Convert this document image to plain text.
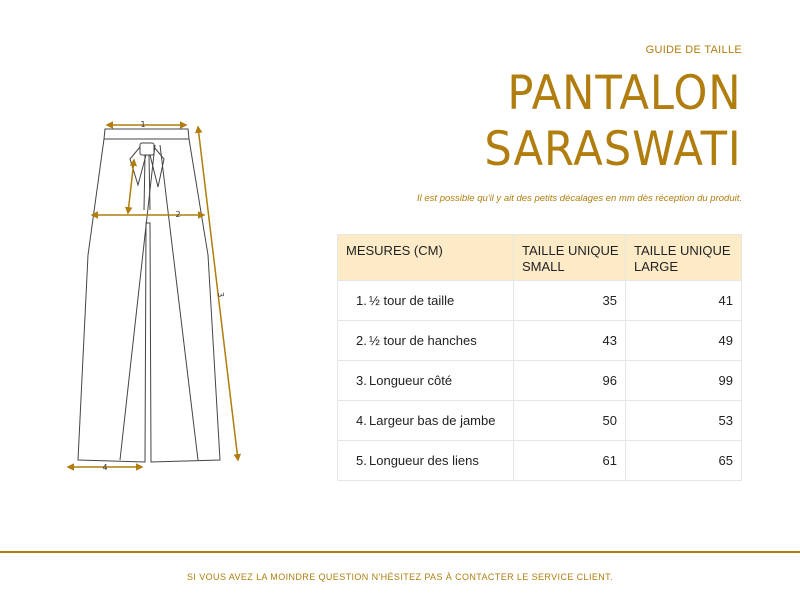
1
2
3
4
GUIDE DE TAILLE
PANTALON
SARASWATI
Il est possible qu'il y ait des petits décalages en mm dès réception du produit.
MESURES (CM)	TAILLE UNIQUE SMALL	TAILLE UNIQUE LARGE
1. ½ tour de taille	35	41
2. ½ tour de hanches	43	49
3. Longueur côté	96	99
4. Largeur bas de jambe	50	53
5. Longueur des liens	61	65
SI VOUS AVEZ LA MOINDRE QUESTION N'HÉSITEZ PAS À CONTACTER LE SERVICE CLIENT.
